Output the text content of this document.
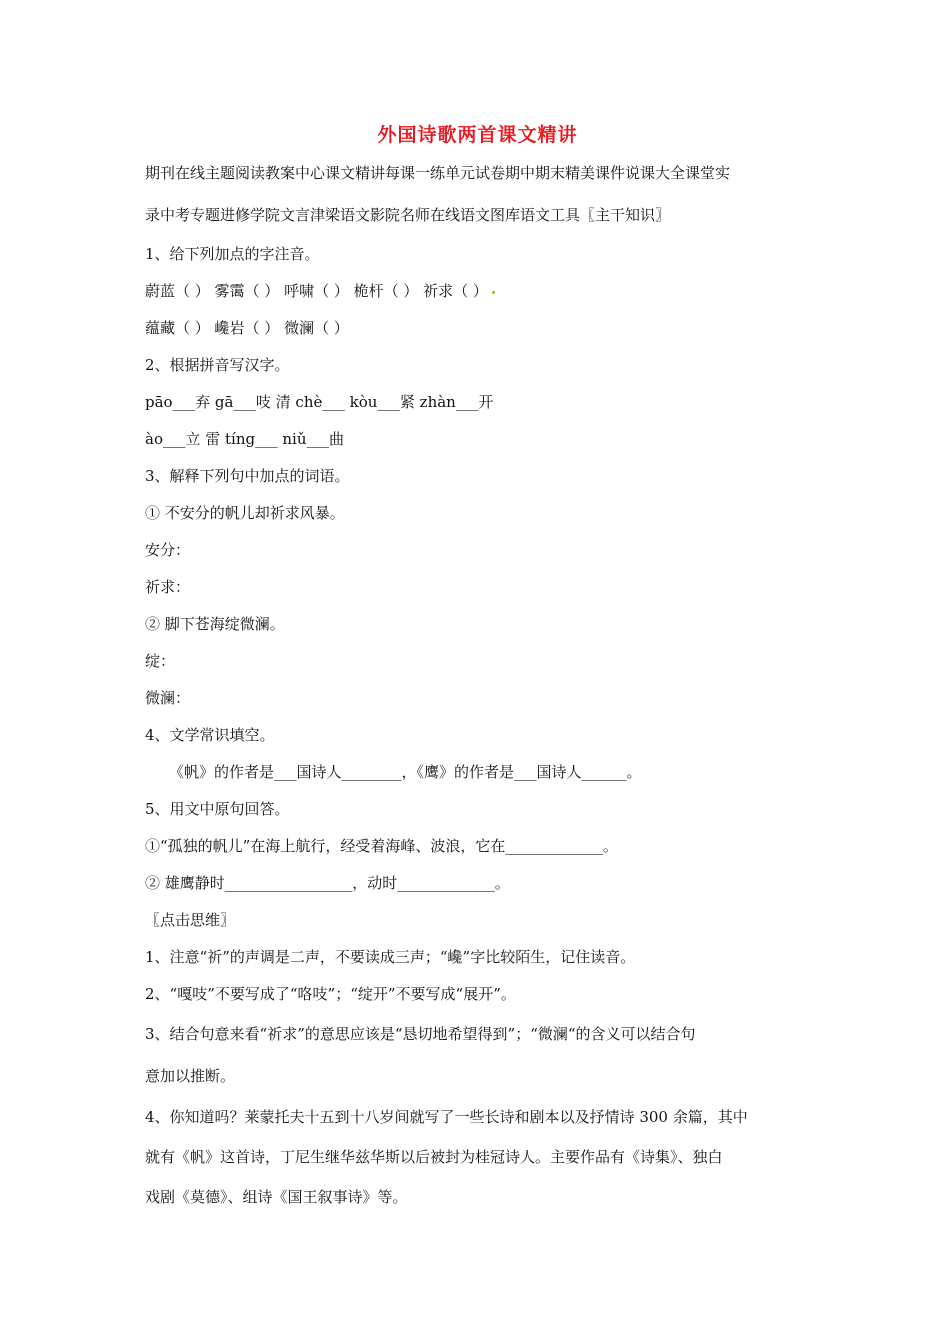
外国诗歌两首课文精讲
期刊在线主题阅读教案中心课文精讲每课一练单元试卷期中期末精美课件说课大全课堂实
录中考专题进修学院文言津梁语文影院名师在线语文图库语文工具〖主干知识〗
1、给下列加点的字注音。
蔚蓝（ ） 雾霭（ ） 呼啸（ ） 桅杆（ ） 祈求（ ）
蕴藏（ ） 巉岩（ ） 微澜（ ）
2、根据拼音写汉字。
pāo___弃 gā___吱 清 chè___ kòu___紧 zhàn___开
ào___立 雷 tíng___ niǔ___曲
3、解释下列句中加点的词语。
① 不安分的帆儿却祈求风暴。
安分：
祈求：
② 脚下苍海绽微澜。
绽：
微澜：
4、文学常识填空。
《帆》的作者是___国诗人________，《鹰》的作者是___国诗人______。
5、用文中原句回答。
①“孤独的帆儿”在海上航行，经受着海峰、波浪，它在_____________。
② 雄鹰静时_________________，动时_____________。
〖点击思维〗
1、注意“祈”的声调是二声，不要读成三声；“巉”字比较陌生，记住读音。
2、“嘎吱”不要写成了“咯吱”；“绽开”不要写成“展开”。
3、结合句意来看“祈求”的意思应该是“恳切地希望得到”；“微澜“的含义可以结合句
意加以推断。
4、你知道吗？莱蒙托夫十五到十八岁间就写了一些长诗和剧本以及抒情诗 300 余篇，其中
就有《帆》这首诗，丁尼生继华兹华斯以后被封为桂冠诗人。主要作品有《诗集》、独白
戏剧《莫德》、组诗《国王叙事诗》等。
